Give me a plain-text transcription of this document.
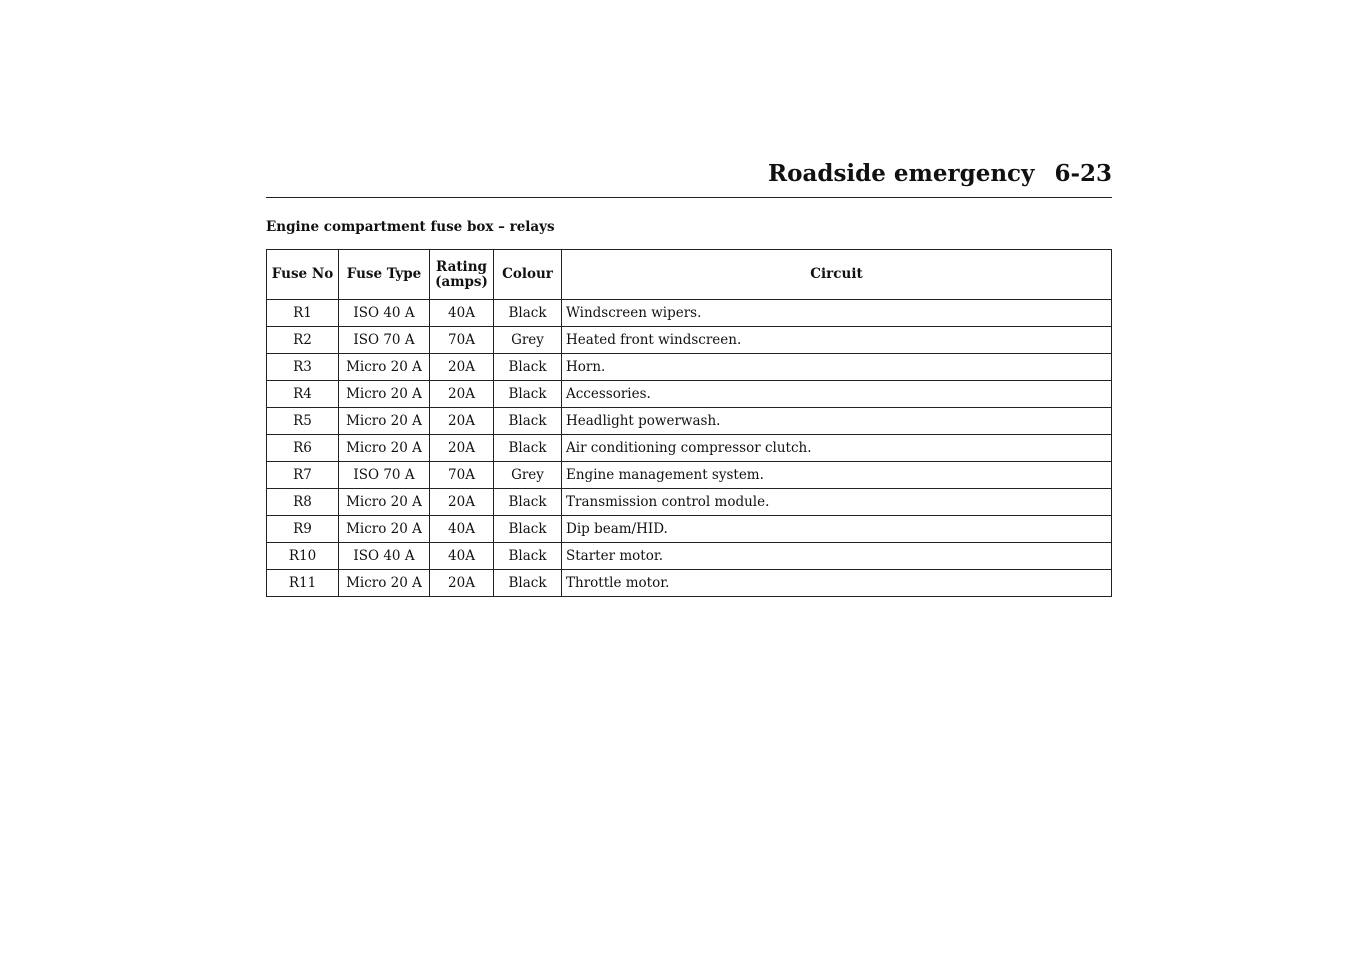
Roadside emergency 6-23
Engine compartment fuse box – relays
Fuse No	Fuse Type	Rating (amps)	Colour	Circuit
R1	ISO 40 A	40A	Black	Windscreen wipers.
R2	ISO 70 A	70A	Grey	Heated front windscreen.
R3	Micro 20 A	20A	Black	Horn.
R4	Micro 20 A	20A	Black	Accessories.
R5	Micro 20 A	20A	Black	Headlight powerwash.
R6	Micro 20 A	20A	Black	Air conditioning compressor clutch.
R7	ISO 70 A	70A	Grey	Engine management system.
R8	Micro 20 A	20A	Black	Transmission control module.
R9	Micro 20 A	40A	Black	Dip beam/HID.
R10	ISO 40 A	40A	Black	Starter motor.
R11	Micro 20 A	20A	Black	Throttle motor.
